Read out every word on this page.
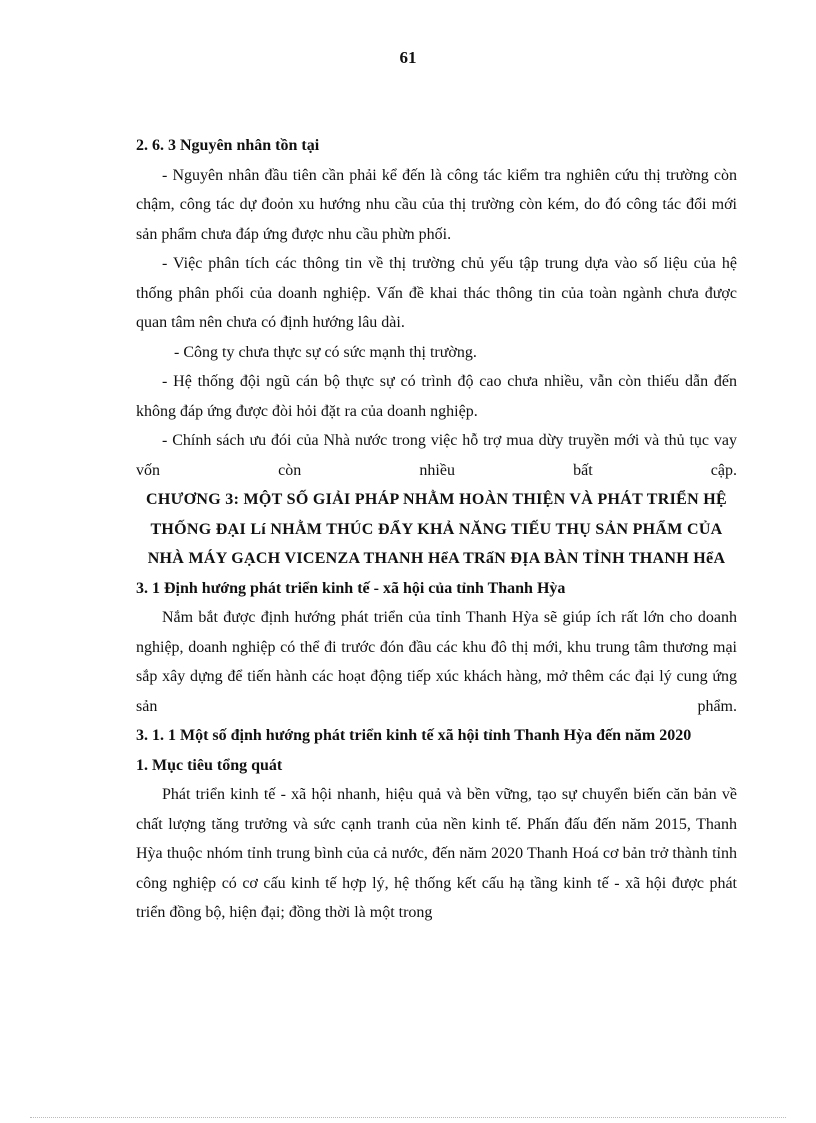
61

2. 6. 3 Nguyên nhân tồn tại

- Nguyên nhân đầu tiên cần phải kể đến là công tác kiểm tra nghiên cứu thị trường còn chậm, công tác dự đoỏn xu hướng nhu cầu của thị trường còn kém, do đó công tác đổi mới sản phẩm chưa đáp ứng được nhu cầu phừn phối.

- Việc phân tích các thông tin về thị trường chủ yếu tập trung dựa vào số liệu của hệ thống phân phối của doanh nghiệp. Vấn đề khai thác thông tin của toàn ngành chưa được quan tâm nên chưa có định hướng lâu dài.

- Công ty chưa thực sự có sức mạnh thị trường.

- Hệ thống đội ngũ cán bộ thực sự có trình độ cao chưa nhiều, vẫn còn thiếu dẫn đến không đáp ứng được đòi hỏi đặt ra của doanh nghiệp.

- Chính sách ưu đói của Nhà nước trong việc hỗ trợ mua dừy truyền mới và thủ tục vay vốn còn nhiều bất cập.

CHƯƠNG 3: MỘT SỐ GIẢI PHÁP NHẰM HOÀN THIỆN VÀ PHÁT TRIỂN HỆ THỐNG ĐẠI Lí NHẰM THÚC ĐẨY KHẢ NĂNG TIẾU THỤ SẢN PHẨM CỦA NHÀ MÁY GẠCH VICENZA THANH HểA TRấN ĐỊA BÀN TỈNH THANH HểA

3. 1 Định hướng phát triển kinh tế - xã hội của tỉnh Thanh Hỳa

Nắm bắt được định hướng phát triển của tỉnh Thanh Hỳa sẽ giúp ích rất lớn cho doanh nghiệp, doanh nghiệp có thể đi trước đón đầu các khu đô thị mới, khu trung tâm thương mại sắp xây dựng để tiến hành các hoạt động tiếp xúc khách hàng, mở thêm các đại lý cung ứng sản phẩm.

3. 1. 1 Một số định hướng phát triển kinh tế xã hội tỉnh Thanh Hỳa đến năm 2020

1. Mục tiêu tổng quát

Phát triển kinh tế - xã hội nhanh, hiệu quả và bền vững, tạo sự chuyển biến căn bản về chất lượng tăng trưởng và sức cạnh tranh của nền kinh tế. Phấn đấu đến năm 2015, Thanh Hỳa thuộc nhóm tỉnh trung bình của cả nước, đến năm 2020 Thanh Hoá cơ bản trở thành tỉnh công nghiệp có cơ cấu kinh tế hợp lý, hệ thống kết cấu hạ tầng kinh tế - xã hội được phát triển đồng bộ, hiện đại; đồng thời là một trong
